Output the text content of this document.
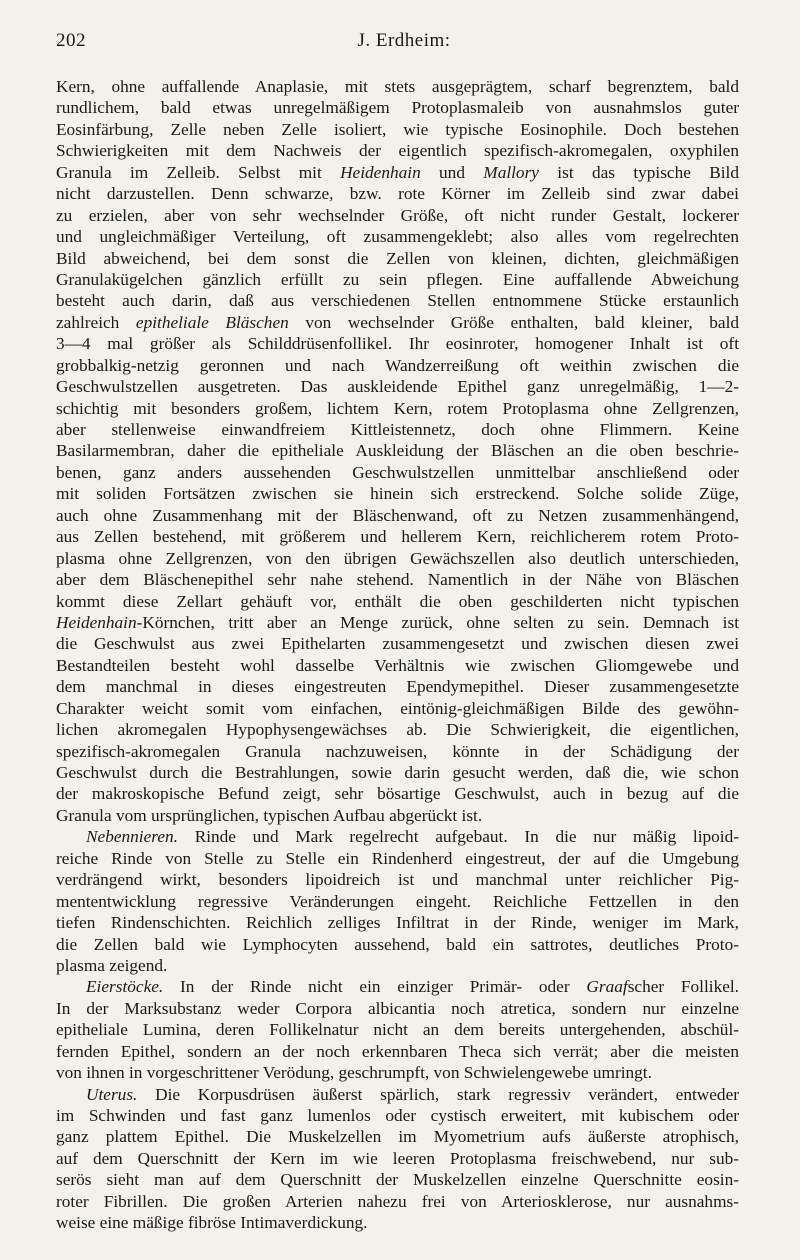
202	J. Erdheim:
Kern, ohne auffallende Anaplasie, mit stets ausgeprägtem, scharf begrenztem, bald
rundlichem, bald etwas unregelmäßigem Protoplasmaleib von ausnahmslos guter
Eosinfärbung, Zelle neben Zelle isoliert, wie typische Eosinophile. Doch bestehen
Schwierigkeiten mit dem Nachweis der eigentlich spezifisch-akromegalen, oxyphilen
Granula im Zelleib. Selbst mit Heidenhain und Mallory ist das typische Bild
nicht darzustellen. Denn schwarze, bzw. rote Körner im Zelleib sind zwar dabei
zu erzielen, aber von sehr wechselnder Größe, oft nicht runder Gestalt, lockerer
und ungleichmäßiger Verteilung, oft zusammengeklebt; also alles vom regelrechten
Bild abweichend, bei dem sonst die Zellen von kleinen, dichten, gleichmäßigen
Granulakügelchen gänzlich erfüllt zu sein pflegen. Eine auffallende Abweichung
besteht auch darin, daß aus verschiedenen Stellen entnommene Stücke erstaunlich
zahlreich epitheliale Bläschen von wechselnder Größe enthalten, bald kleiner, bald
3—4 mal größer als Schilddrüsenfollikel. Ihr eosinroter, homogener Inhalt ist oft
grobbalkig-netzig geronnen und nach Wandzerreißung oft weithin zwischen die
Geschwulstzellen ausgetreten. Das auskleidende Epithel ganz unregelmäßig, 1—2-
schichtig mit besonders großem, lichtem Kern, rotem Protoplasma ohne Zellgrenzen,
aber stellenweise einwandfreiem Kittleistennetz, doch ohne Flimmern. Keine
Basilarmembran, daher die epitheliale Auskleidung der Bläschen an die oben beschrie-
benen, ganz anders aussehenden Geschwulstzellen unmittelbar anschließend oder
mit soliden Fortsätzen zwischen sie hinein sich erstreckend. Solche solide Züge,
auch ohne Zusammenhang mit der Bläschenwand, oft zu Netzen zusammenhängend,
aus Zellen bestehend, mit größerem und hellerem Kern, reichlicherem rotem Proto-
plasma ohne Zellgrenzen, von den übrigen Gewächszellen also deutlich unterschieden,
aber dem Bläschenepithel sehr nahe stehend. Namentlich in der Nähe von Bläschen
kommt diese Zellart gehäuft vor, enthält die oben geschilderten nicht typischen
Heidenhain-Körnchen, tritt aber an Menge zurück, ohne selten zu sein. Demnach ist
die Geschwulst aus zwei Epithelarten zusammengesetzt und zwischen diesen zwei
Bestandteilen besteht wohl dasselbe Verhältnis wie zwischen Gliomgewebe und
dem manchmal in dieses eingestreuten Ependymepithel. Dieser zusammengesetzte
Charakter weicht somit vom einfachen, eintönig-gleichmäßigen Bilde des gewöhn-
lichen akromegalen Hypophysengewächses ab. Die Schwierigkeit, die eigentlichen,
spezifisch-akromegalen Granula nachzuweisen, könnte in der Schädigung der
Geschwulst durch die Bestrahlungen, sowie darin gesucht werden, daß die, wie schon
der makroskopische Befund zeigt, sehr bösartige Geschwulst, auch in bezug auf die
Granula vom ursprünglichen, typischen Aufbau abgerückt ist.
Nebennieren. Rinde und Mark regelrecht aufgebaut. In die nur mäßig lipoid-
reiche Rinde von Stelle zu Stelle ein Rindenherd eingestreut, der auf die Umgebung
verdrängend wirkt, besonders lipoidreich ist und manchmal unter reichlicher Pig-
mententwicklung regressive Veränderungen eingeht. Reichliche Fettzellen in den
tiefen Rindenschichten. Reichlich zelliges Infiltrat in der Rinde, weniger im Mark,
die Zellen bald wie Lymphocyten aussehend, bald ein sattrotes, deutliches Proto-
plasma zeigend.
Eierstöcke. In der Rinde nicht ein einziger Primär- oder Graafscher Follikel.
In der Marksubstanz weder Corpora albicantia noch atretica, sondern nur einzelne
epitheliale Lumina, deren Follikelnatur nicht an dem bereits untergehenden, abschül-
fernden Epithel, sondern an der noch erkennbaren Theca sich verrät; aber die meisten
von ihnen in vorgeschrittener Verödung, geschrumpft, von Schwielengewebe umringt.
Uterus. Die Korpusdrüsen äußerst spärlich, stark regressiv verändert, entweder
im Schwinden und fast ganz lumenlos oder cystisch erweitert, mit kubischem oder
ganz plattem Epithel. Die Muskelzellen im Myometrium aufs äußerste atrophisch,
auf dem Querschnitt der Kern im wie leeren Protoplasma freischwebend, nur sub-
serös sieht man auf dem Querschnitt der Muskelzellen einzelne Querschnitte eosin-
roter Fibrillen. Die großen Arterien nahezu frei von Arteriosklerose, nur ausnahms-
weise eine mäßige fibröse Intimaverdickung.
